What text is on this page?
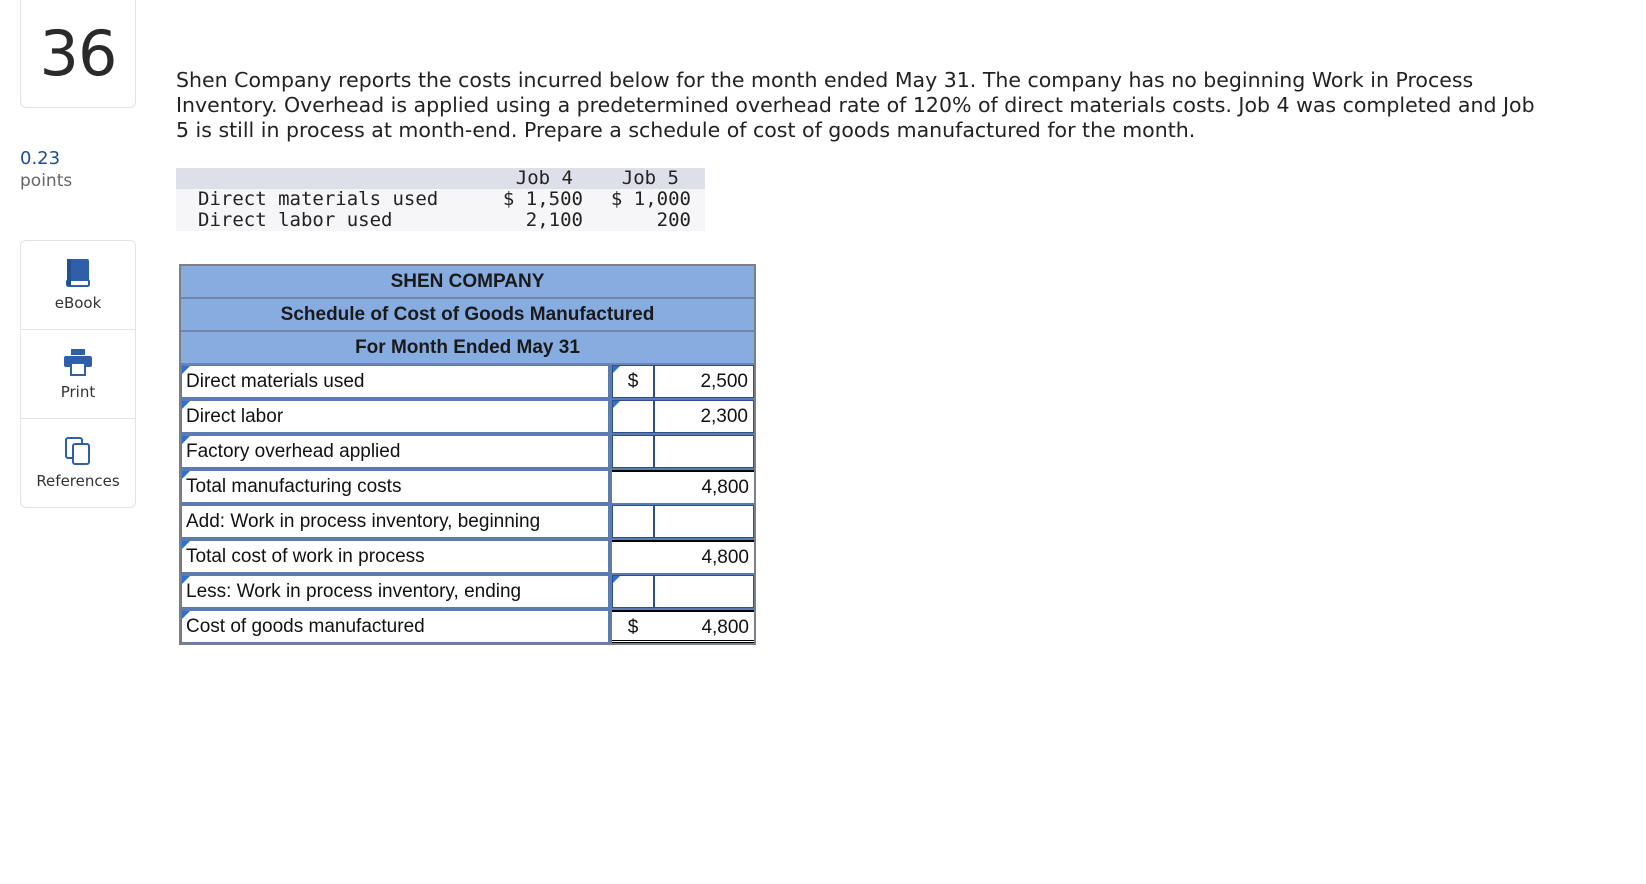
36
0.23
points
eBook
Print
References
Shen Company reports the costs incurred below for the month ended May 31. The company has no beginning Work in Process Inventory. Overhead is applied using a predetermined overhead rate of 120% of direct materials costs. Job 4 was completed and Job 5 is still in process at month-end. Prepare a schedule of cost of goods manufactured for the month.
Job 4	Job 5
Direct materials used	$ 1,500 $ 1,000
Direct labor used	2,100	200
SHEN COMPANY
Schedule of Cost of Goods Manufactured
For Month Ended May 31
Direct materials used	$	2,500
Direct labor	2,300
Factory overhead applied
Total manufacturing costs	4,800
Add: Work in process inventory, beginning
Total cost of work in process	4,800
Less: Work in process inventory, ending
Cost of goods manufactured	$	4,800
